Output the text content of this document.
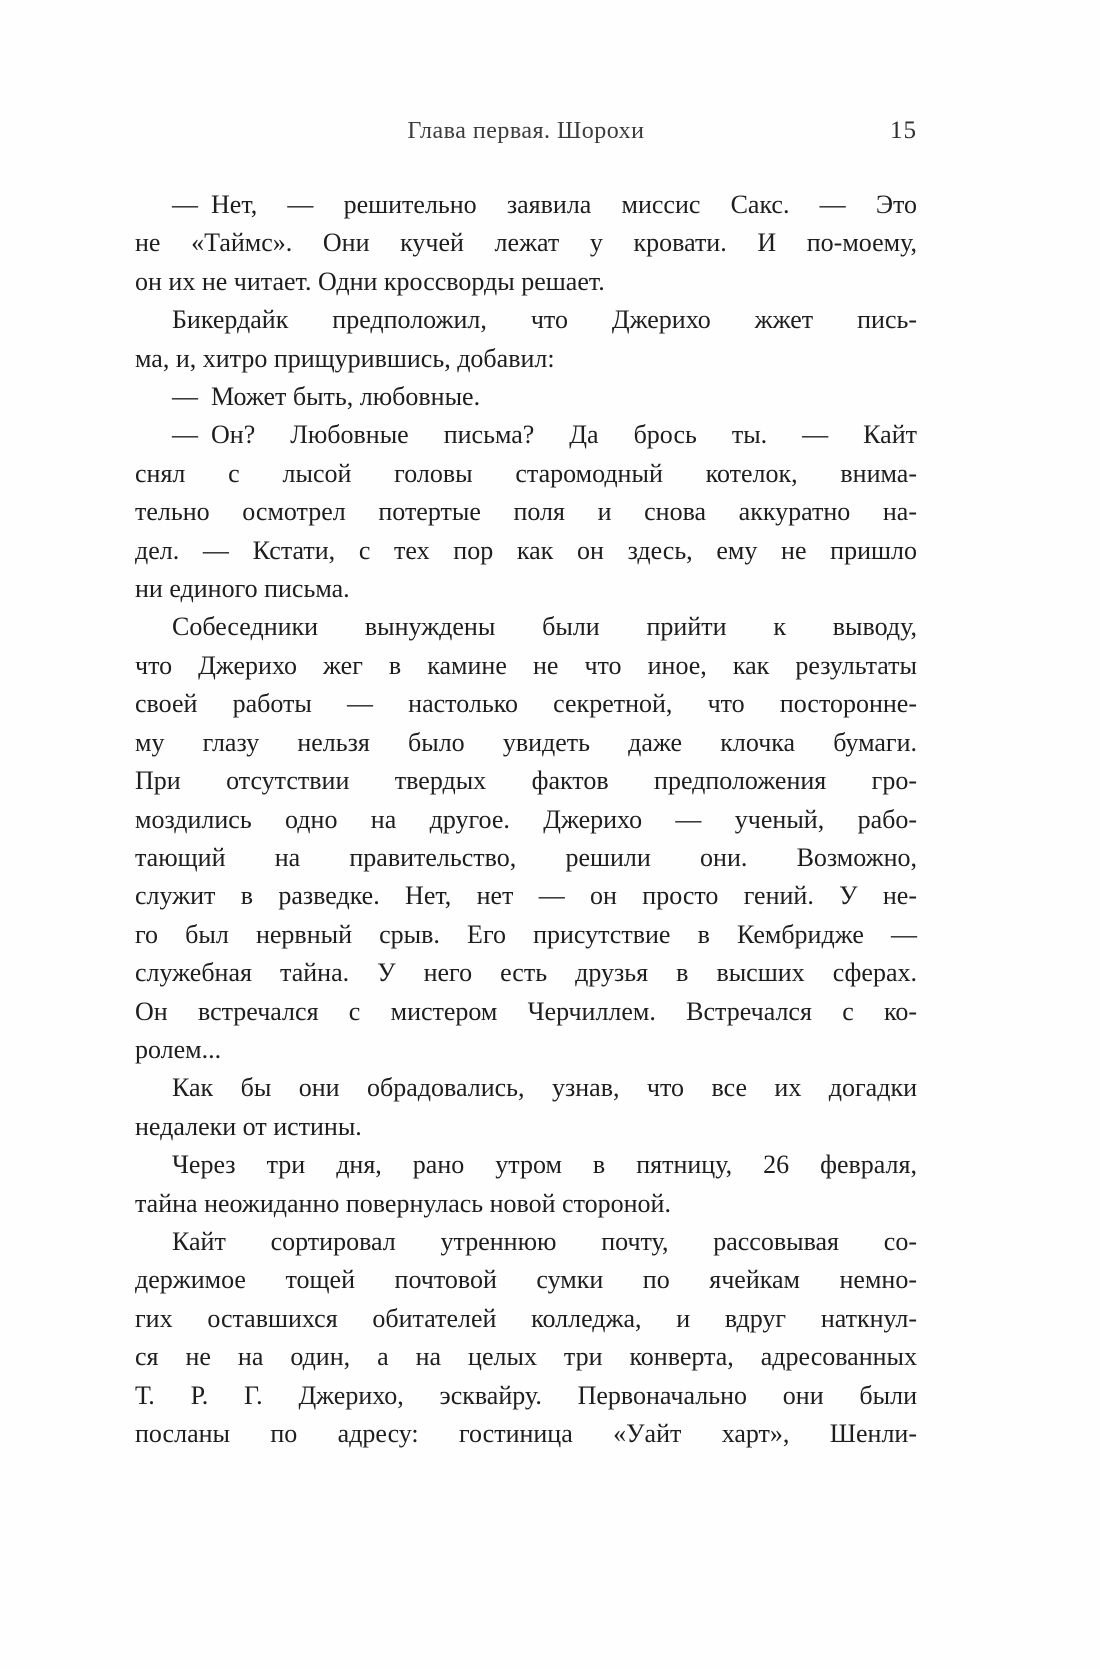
Глава первая. Шорохи	15
— Нет, — решительно заявила миссис Сакс. — Это
не «Таймс». Они кучей лежат у кровати. И по-моему,
он их не читает. Одни кроссворды решает.
Бикердайк предположил, что Джерихо жжет пись-
ма, и, хитро прищурившись, добавил:
— Может быть, любовные.
— Он? Любовные письма? Да брось ты. — Кайт
снял с лысой головы старомодный котелок, внима-
тельно осмотрел потертые поля и снова аккуратно на-
дел. — Кстати, с тех пор как он здесь, ему не пришло
ни единого письма.
Собеседники вынуждены были прийти к выводу,
что Джерихо жег в камине не что иное, как результаты
своей работы — настолько секретной, что посторонне-
му глазу нельзя было увидеть даже клочка бумаги.
При отсутствии твердых фактов предположения гро-
моздились одно на другое. Джерихо — ученый, рабо-
тающий на правительство, решили они. Возможно,
служит в разведке. Нет, нет — он просто гений. У не-
го был нервный срыв. Его присутствие в Кембридже —
служебная тайна. У него есть друзья в высших сферах.
Он встречался с мистером Черчиллем. Встречался с ко-
ролем...
Как бы они обрадовались, узнав, что все их догадки
недалеки от истины.
Через три дня, рано утром в пятницу, 26 февраля,
тайна неожиданно повернулась новой стороной.
Кайт сортировал утреннюю почту, рассовывая со-
держимое тощей почтовой сумки по ячейкам немно-
гих оставшихся обитателей колледжа, и вдруг наткнул-
ся не на один, а на целых три конверта, адресованных
Т. Р. Г. Джерихо, эсквайру. Первоначально они были
посланы по адресу: гостиница «Уайт харт», Шенли-
